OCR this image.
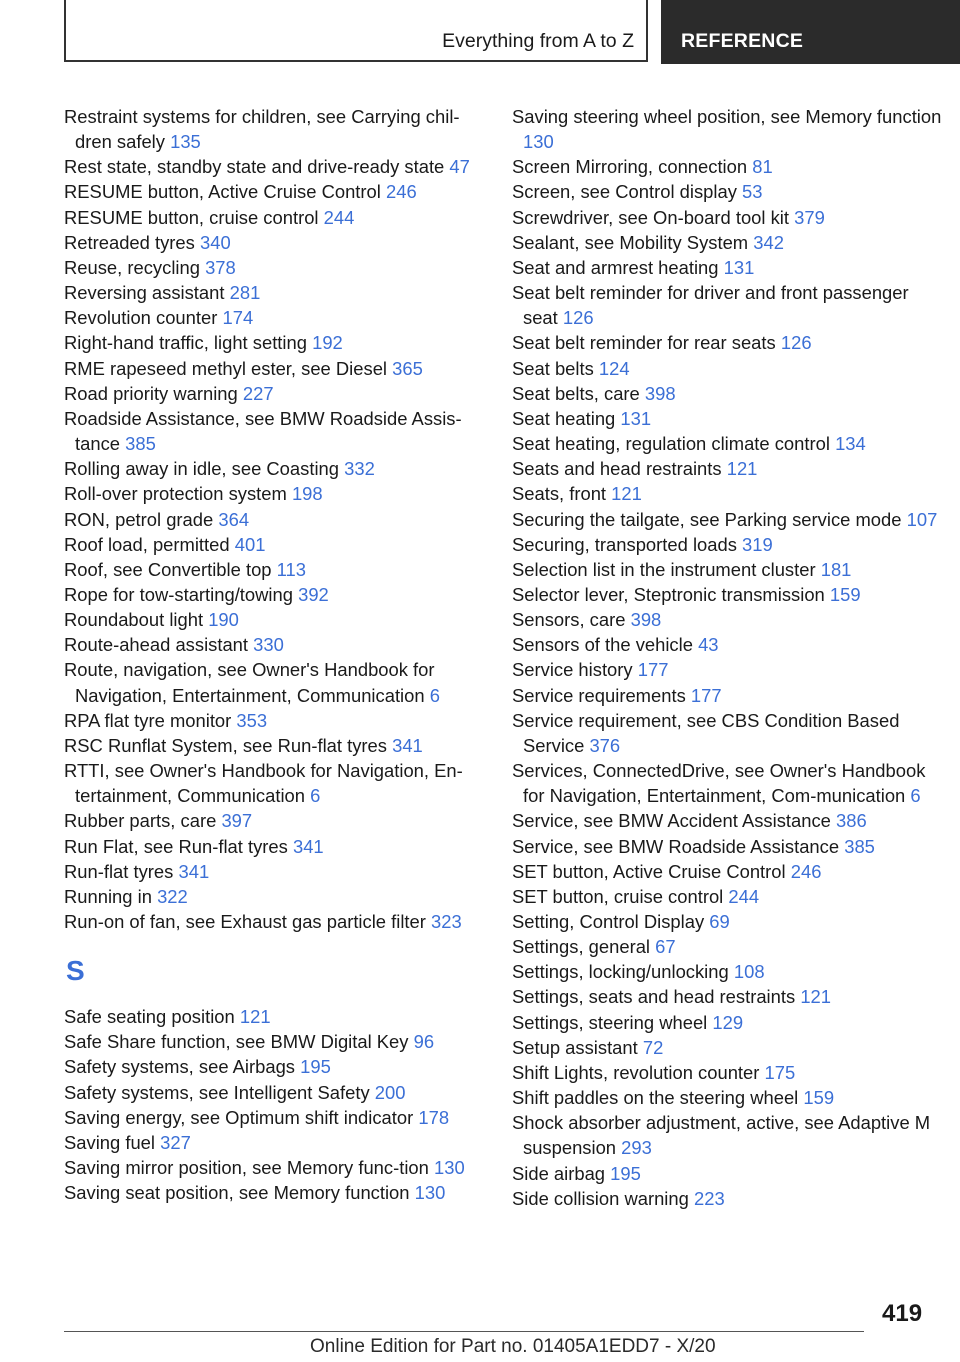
Everything from A to Z REFERENCE

Restraint systems for children, see Carrying chil‐dren safely 135

Rest state, standby state and drive-ready state 47

RESUME button, Active Cruise Control 246

RESUME button, cruise control 244

Retreaded tyres 340

Reuse, recycling 378

Reversing assistant 281

Revolution counter 174

Right-hand traffic, light setting 192

RME rapeseed methyl ester, see Diesel 365

Road priority warning 227

Roadside Assistance, see BMW Roadside Assis‐tance 385

Rolling away in idle, see Coasting 332

Roll-over protection system 198

RON, petrol grade 364

Roof load, permitted 401

Roof, see Convertible top 113

Rope for tow-starting/towing 392

Roundabout light 190

Route-ahead assistant 330

Route, navigation, see Owner's Handbook for Navigation, Entertainment, Communication 6

RPA flat tyre monitor 353

RSC Runflat System, see Run-flat tyres 341

RTTI, see Owner's Handbook for Navigation, En‐tertainment, Communication 6

Rubber parts, care 397

Run Flat, see Run-flat tyres 341

Run-flat tyres 341

Running in 322

Run-on of fan, see Exhaust gas particle filter 323

S

Safe seating position 121

Safe Share function, see BMW Digital Key 96

Safety systems, see Airbags 195

Safety systems, see Intelligent Safety 200

Saving energy, see Optimum shift indicator 178

Saving fuel 327

Saving mirror position, see Memory func‐tion 130

Saving seat position, see Memory function 130

Saving steering wheel position, see Memory function 130

Screen Mirroring, connection 81

Screen, see Control display 53

Screwdriver, see On-board tool kit 379

Sealant, see Mobility System 342

Seat and armrest heating 131

Seat belt reminder for driver and front passenger seat 126

Seat belt reminder for rear seats 126

Seat belts 124

Seat belts, care 398

Seat heating 131

Seat heating, regulation climate control 134

Seats and head restraints 121

Seats, front 121

Securing the tailgate, see Parking service mode 107

Securing, transported loads 319

Selection list in the instrument cluster 181

Selector lever, Steptronic transmission 159

Sensors, care 398

Sensors of the vehicle 43

Service history 177

Service requirements 177

Service requirement, see CBS Condition Based Service 376

Services, ConnectedDrive, see Owner's Handbook for Navigation, Entertainment, Com‐munication 6

Service, see BMW Accident Assistance 386

Service, see BMW Roadside Assistance 385

SET button, Active Cruise Control 246

SET button, cruise control 244

Setting, Control Display 69

Settings, general 67

Settings, locking/unlocking 108

Settings, seats and head restraints 121

Settings, steering wheel 129

Setup assistant 72

Shift Lights, revolution counter 175

Shift paddles on the steering wheel 159

Shock absorber adjustment, active, see Adaptive M suspension 293

Side airbag 195

Side collision warning 223

419
Online Edition for Part no. 01405A1EDD7 - X/20
